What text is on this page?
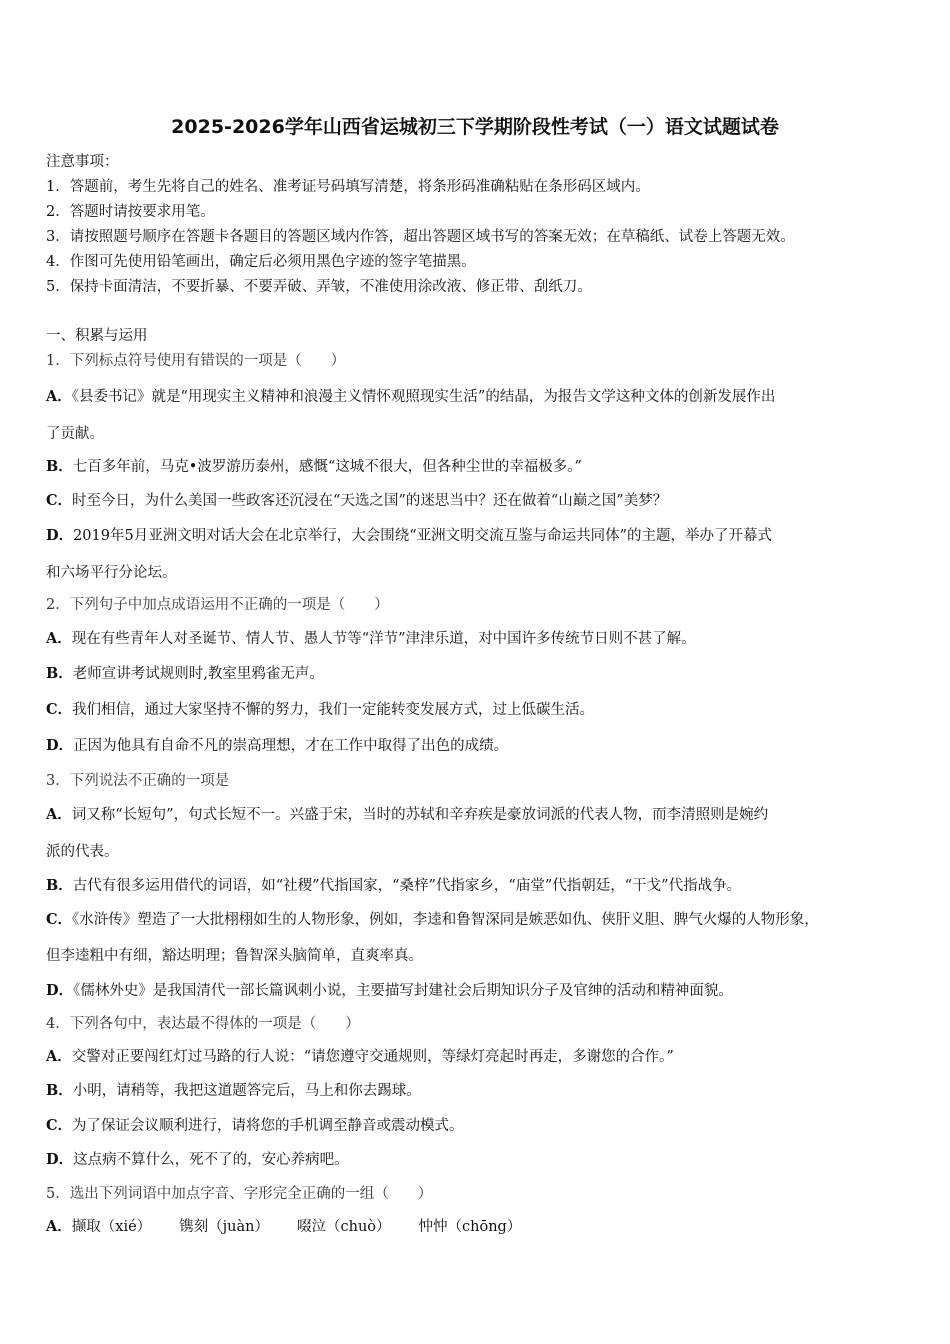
2025-2026学年山西省运城初三下学期阶段性考试（一）语文试题试卷
注意事项：
1．答题前，考生先将自己的姓名、准考证号码填写清楚，将条形码准确粘贴在条形码区域内。
2．答题时请按要求用笔。
3．请按照题号顺序在答题卡各题目的答题区域内作答，超出答题区域书写的答案无效；在草稿纸、试卷上答题无效。
4．作图可先使用铅笔画出，确定后必须用黑色字迹的签字笔描黑。
5．保持卡面清洁，不要折暴、不要弄破、弄皱，不准使用涂改液、修正带、刮纸刀。
一、积累与运用
1．下列标点符号使用有错误的一项是（　　）
A．《县委书记》就是“用现实主义精神和浪漫主义情怀观照现实生活”的结晶，为报告文学这种文体的创新发展作出
了贡献。
B．七百多年前，马克•波罗游历泰州，感慨“这城不很大，但各种尘世的幸福极多。”
C．时至今日，为什么美国一些政客还沉浸在“天选之国”的迷思当中？还在做着“山巅之国”美梦？
D．2019年5月亚洲文明对话大会在北京举行，大会围绕“亚洲文明交流互鉴与命运共同体”的主题，举办了开幕式
和六场平行分论坛。
2．下列句子中加点成语运用不正确的一项是（　　）
A．现在有些青年人对圣诞节、情人节、愚人节等“洋节”津津乐道，对中国许多传统节日则不甚了解。
B．老师宣讲考试规则时,教室里鸦雀无声。
C．我们相信，通过大家坚持不懈的努力，我们一定能转变发展方式，过上低碳生活。
D．正因为他具有自命不凡的崇高理想，才在工作中取得了出色的成绩。
3．下列说法不正确的一项是
A．词又称“长短句”，句式长短不一。兴盛于宋，当时的苏轼和辛弃疾是豪放词派的代表人物，而李清照则是婉约
派的代表。
B．古代有很多运用借代的词语，如“社稷”代指国家，“桑梓”代指家乡，“庙堂”代指朝廷，“干戈”代指战争。
C．《水浒传》塑造了一大批栩栩如生的人物形象，例如，李逵和鲁智深同是嫉恶如仇、侠肝义胆、脾气火爆的人物形象，
但李逵粗中有细，豁达明理；鲁智深头脑简单，直爽率真。
D．《儒林外史》是我国清代一部长篇讽刺小说，主要描写封建社会后期知识分子及官绅的活动和精神面貌。
4．下列各句中，表达最不得体的一项是（　　）
A．交警对正要闯红灯过马路的行人说：“请您遵守交通规则，等绿灯亮起时再走，多谢您的合作。”
B．小明，请稍等，我把这道题答完后，马上和你去踢球。
C．为了保证会议顺利进行，请将您的手机调至静音或震动模式。
D．这点病不算什么，死不了的，安心养病吧。
5．选出下列词语中加点字音、字形完全正确的一组（　　）
A．撷取（xié） 镌刻（juàn） 啜泣（chuò） 忡忡（chōng）
